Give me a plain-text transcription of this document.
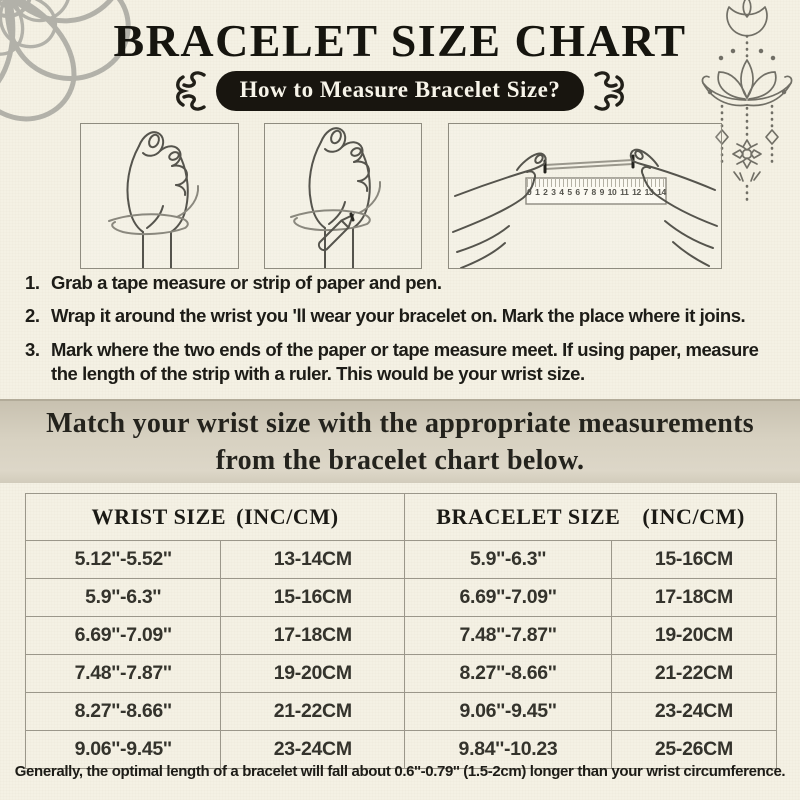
BRACELET SIZE CHART
How to Measure Bracelet Size?
0 1 2 3 4 5 6 7 8 9 10 11 12 13 14
1. Grab a tape measure or strip of paper and pen.
2. Wrap it around the wrist you 'll wear your bracelet on. Mark the place where it joins.
3. Mark where the two ends of the paper or tape measure meet. If using paper, measure the length of the strip with a ruler. This would be your wrist size.
Match your wrist size with the appropriate measurements
from the bracelet chart below.
WRIST SIZE (INC/CM)		BRACELET SIZE (INC/CM)	
5.12''-5.52''	13-14CM	5.9''-6.3''	15-16CM
5.9''-6.3''	15-16CM	6.69''-7.09''	17-18CM
6.69''-7.09''	17-18CM	7.48''-7.87''	19-20CM
7.48''-7.87''	19-20CM	8.27''-8.66''	21-22CM
8.27''-8.66''	21-22CM	9.06''-9.45''	23-24CM
9.06''-9.45''	23-24CM	9.84''-10.23	25-26CM
Generally, the optimal length of a bracelet will fall about 0.6''-0.79'' (1.5-2cm) longer than your wrist circumference.
